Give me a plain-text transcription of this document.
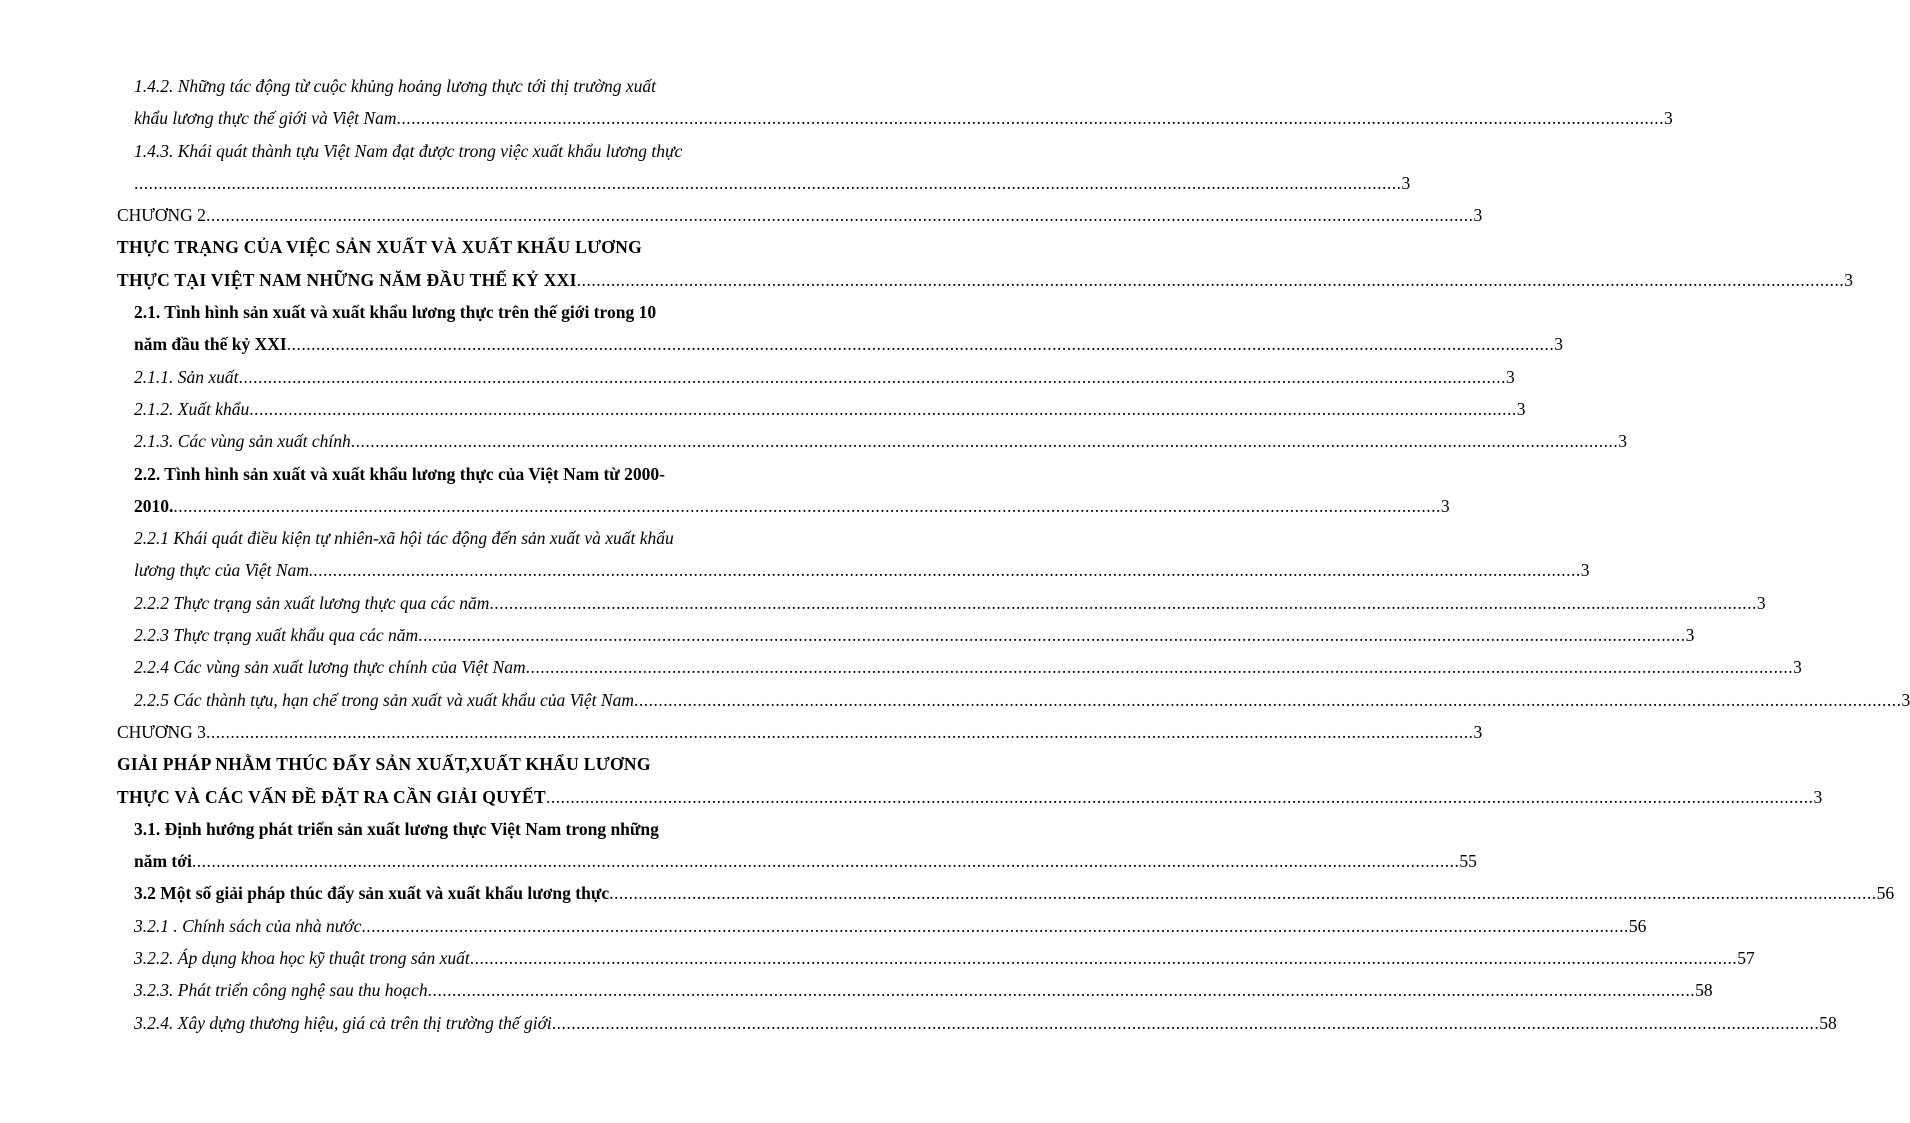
1.4.2. Những tác động từ cuộc khủng hoảng lương thực tới thị trường xuất
khẩu lương thực thế giới và Việt Nam .................................................................................................................................................................................................................................................................... 3
1.4.3. Khái quát thành tựu Việt Nam đạt được trong việc xuất khẩu lương thực
.................................................................................................................................................................................................................................................................... 3
CHƯƠNG 2 .................................................................................................................................................................................................................................................................... 3
THỰC TRẠNG CỦA VIỆC SẢN XUẤT VÀ XUẤT KHẨU LƯƠNG
THỰC TẠI VIỆT NAM NHỮNG NĂM ĐẦU THẾ KỶ XXI .................................................................................................................................................................................................................................................................... 3
2.1. Tình hình sản xuất và xuất khẩu lương thực trên thế giới trong 10
năm đầu thế kỷ XXI .................................................................................................................................................................................................................................................................... 3
2.1.1. Sản xuất .................................................................................................................................................................................................................................................................... 3
2.1.2. Xuất khẩu .................................................................................................................................................................................................................................................................... 3
2.1.3. Các vùng sản xuất chính .................................................................................................................................................................................................................................................................... 3
2.2. Tình hình sản xuất và xuất khẩu lương thực của Việt Nam từ 2000-
2010. .................................................................................................................................................................................................................................................................... 3
2.2.1 Khái quát điều kiện tự nhiên-xã hội tác động đến sản xuất và xuất khẩu
lương thực của Việt Nam. .................................................................................................................................................................................................................................................................... 3
2.2.2 Thực trạng sản xuất lương thực qua các năm .................................................................................................................................................................................................................................................................... 3
2.2.3 Thực trạng xuất khẩu qua các năm .................................................................................................................................................................................................................................................................... 3
2.2.4 Các vùng sản xuất lương thực chính của Việt Nam .................................................................................................................................................................................................................................................................... 3
2.2.5 Các thành tựu, hạn chế trong sản xuất và xuất khẩu của Việt Nam .................................................................................................................................................................................................................................................................... 3
CHƯƠNG 3 .................................................................................................................................................................................................................................................................... 3
GIẢI PHÁP NHẰM THÚC ĐẨY SẢN XUẤT,XUẤT KHẨU LƯƠNG
THỰC VÀ CÁC VẤN ĐỀ ĐẶT RA CẦN GIẢI QUYẾT .................................................................................................................................................................................................................................................................... 3
3.1. Định hướng phát triển sản xuất lương thực Việt Nam trong những
năm tới .................................................................................................................................................................................................................................................................... 55
3.2 Một số giải pháp thúc đẩy sản xuất và xuất khẩu lương thực .................................................................................................................................................................................................................................................................... 56
3.2.1 . Chính sách của nhà nước .................................................................................................................................................................................................................................................................... 56
3.2.2. Áp dụng khoa học kỹ thuật trong sản xuất .................................................................................................................................................................................................................................................................... 57
3.2.3. Phát triển công nghệ sau thu hoạch .................................................................................................................................................................................................................................................................... 58
3.2.4. Xây dựng thương hiệu, giá cả trên thị trường thế giới .................................................................................................................................................................................................................................................................... 58
